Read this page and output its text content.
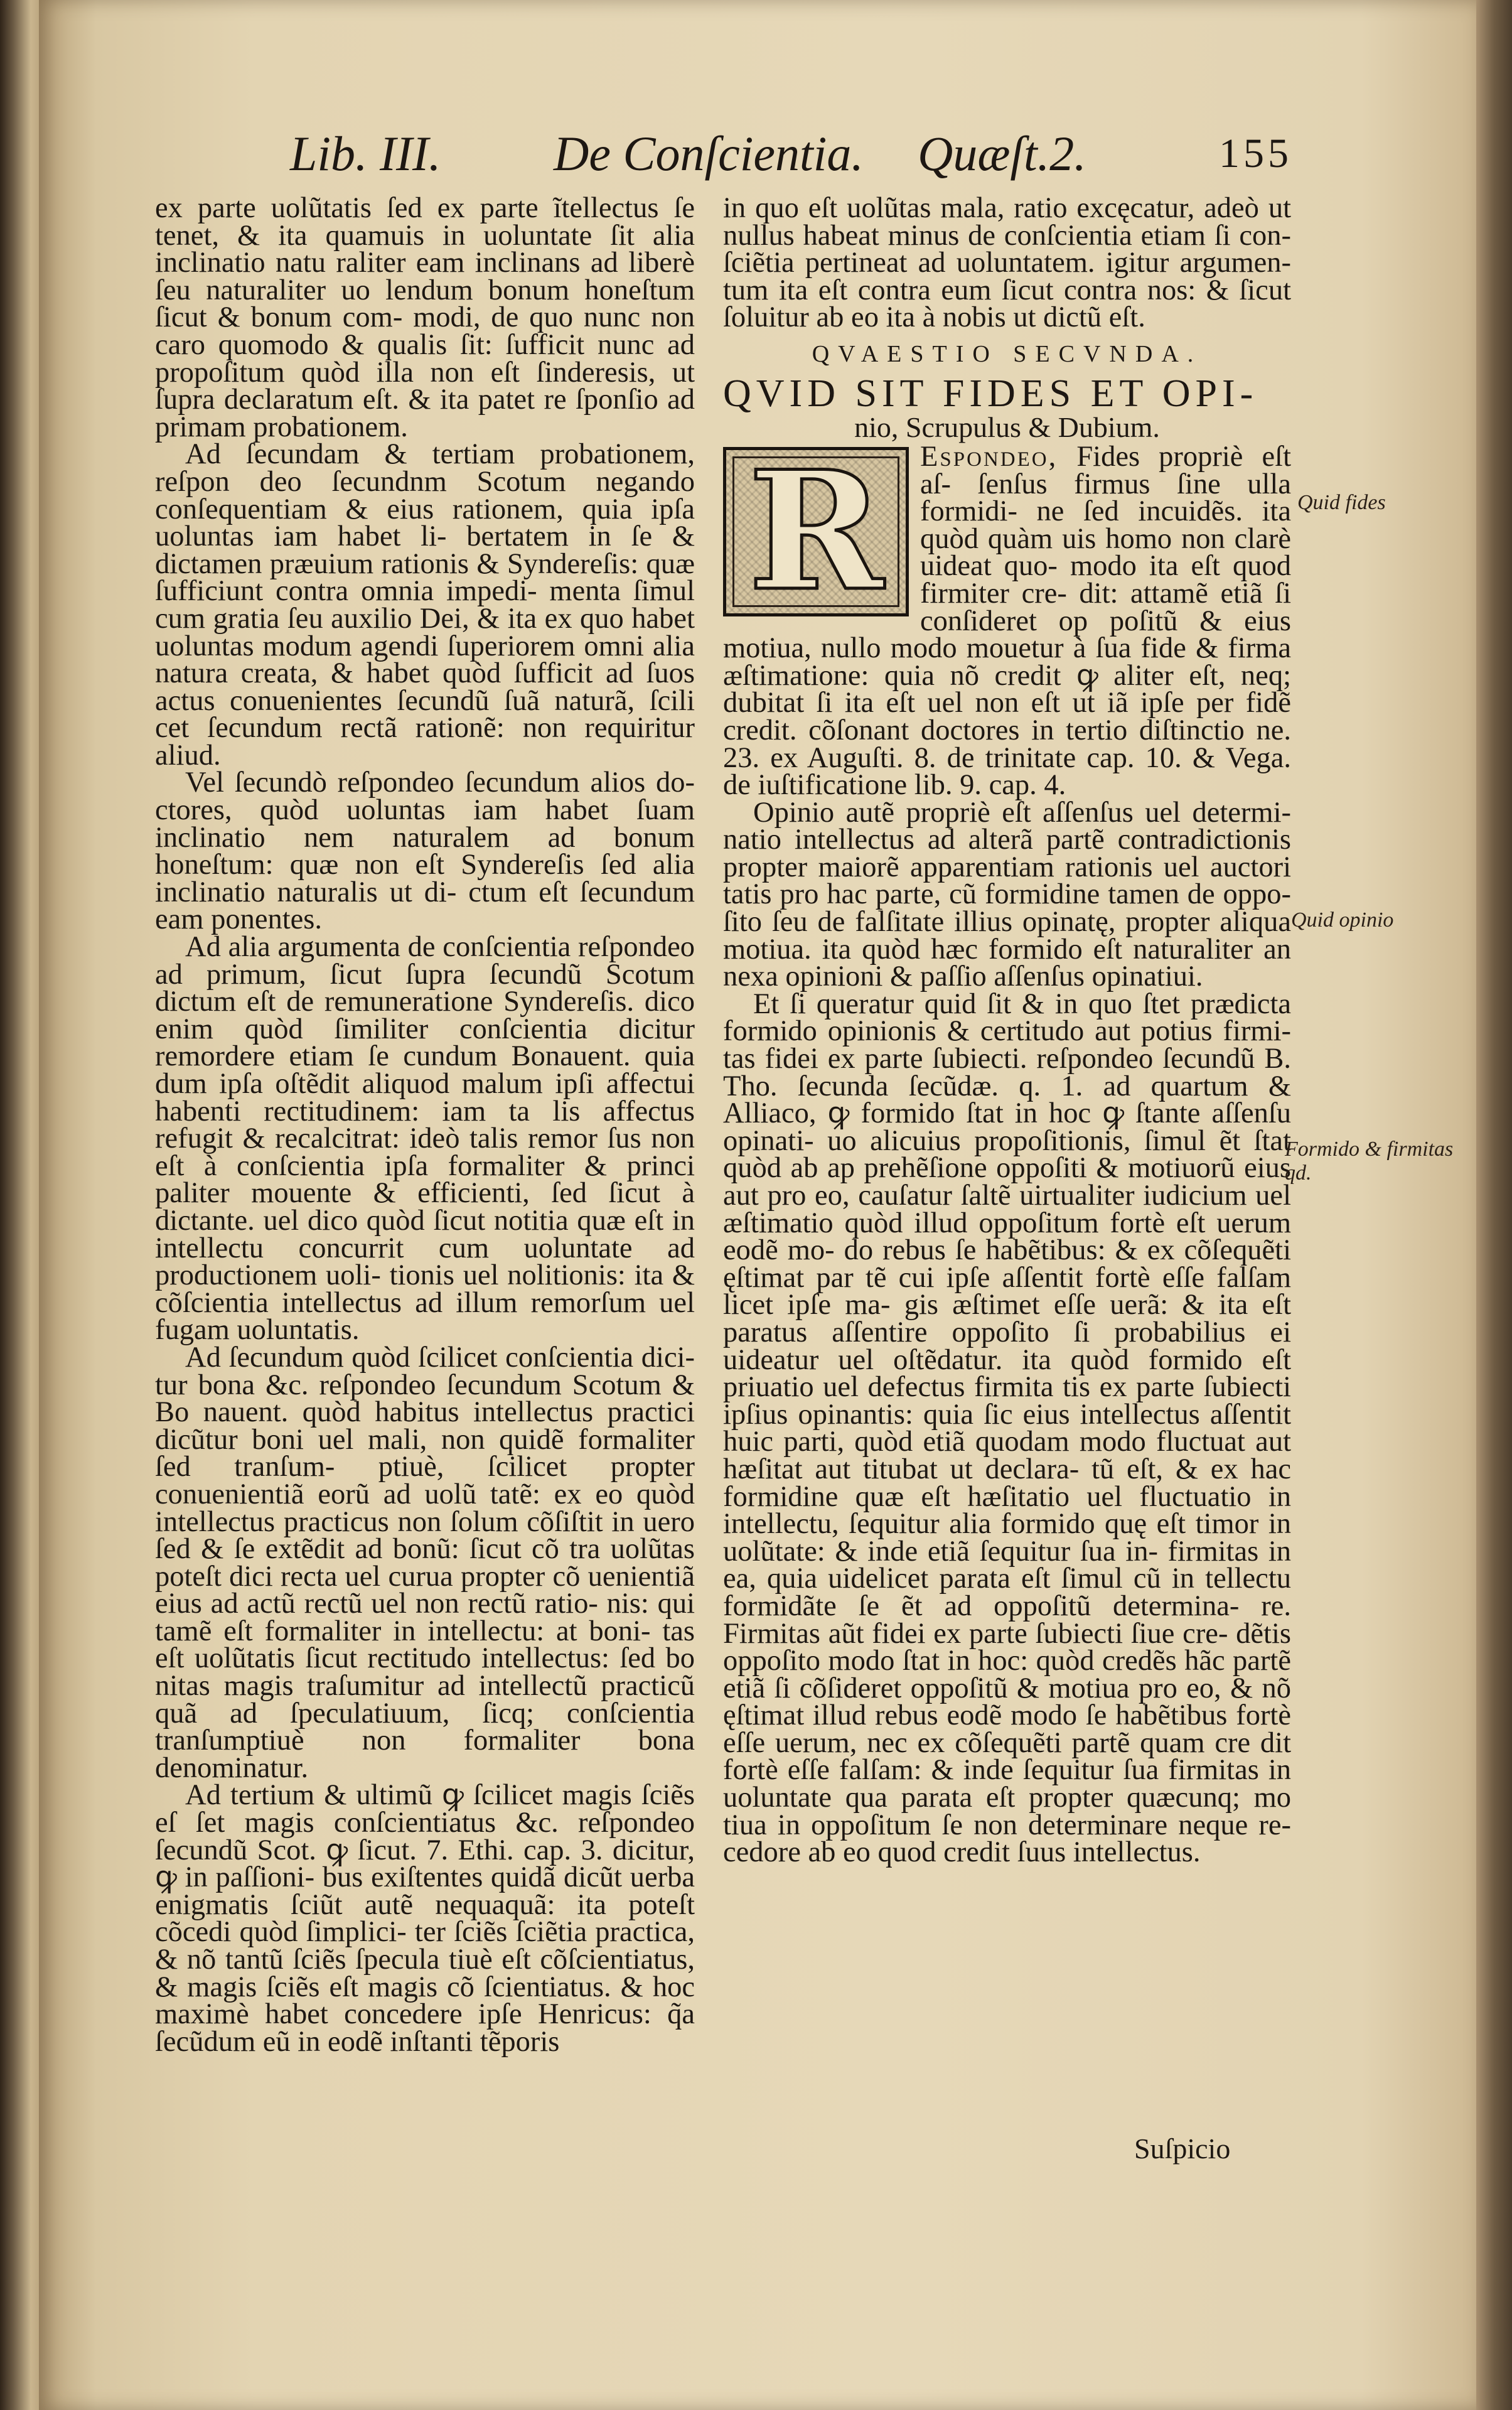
Lib. III. De Conſcientia. Quæſt.2.	155

ex parte uolũtatis ſed ex parte ĩtellectus ſe tenet, & ita quamuis in uoluntate ſit alia inclinatio natu raliter eam inclinans ad liberè ſeu naturaliter uo lendum bonum honeſtum ſicut & bonum com- modi, de quo nunc non caro quomodo & qualis ſit: ſufficit nunc ad propoſitum quòd illa non eſt ſinderesis, ut ſupra declaratum eſt. & ita patet re ſponſio ad primam probationem.

Ad ſecundam & tertiam probationem, reſpon deo ſecundnm Scotum negando conſequentiam & eius rationem, quia ipſa uoluntas iam habet li- bertatem in ſe & dictamen præuium rationis & Syndereſis: quæ ſufficiunt contra omnia impedi- menta ſimul cum gratia ſeu auxilio Dei, & ita ex quo habet uoluntas modum agendi ſuperiorem omni alia natura creata, & habet quòd ſufficit ad ſuos actus conuenientes ſecundũ ſuã naturã, ſcili cet ſecundum rectã rationẽ: non requiritur aliud.

Vel ſecundò reſpondeo ſecundum alios do- ctores, quòd uoluntas iam habet ſuam inclinatio nem naturalem ad bonum honeſtum: quæ non eſt Syndereſis ſed alia inclinatio naturalis ut di- ctum eſt ſecundum eam ponentes.

Ad alia argumenta de conſcientia reſpondeo ad primum, ſicut ſupra ſecundũ Scotum dictum eſt de remuneratione Syndereſis. dico enim quòd ſimiliter conſcientia dicitur remordere etiam ſe cundum Bonauent. quia dum ipſa oſtẽdit aliquod malum ipſi affectui habenti rectitudinem: iam ta lis affectus refugit & recalcitrat: ideò talis remor ſus non eſt à conſcientia ipſa formaliter & princi paliter mouente & efficienti, ſed ſicut à dictante. uel dico quòd ſicut notitia quæ eſt in intellectu concurrit cum uoluntate ad productionem uoli- tionis uel nolitionis: ita & cõſcientia intellectus ad illum remorſum uel fugam uoluntatis.

Ad ſecundum quòd ſcilicet conſcientia dici- tur bona &c. reſpondeo ſecundum Scotum & Bo nauent. quòd habitus intellectus practici dicũtur boni uel mali, non quidẽ formaliter ſed tranſum- ptiuè, ſcilicet propter conuenientiã eorũ ad uolũ tatẽ: ex eo quòd intellectus practicus non ſolum cõſiſtit in uero ſed & ſe extẽdit ad bonũ: ſicut cõ tra uolũtas poteſt dici recta uel curua propter cõ uenientiã eius ad actũ rectũ uel non rectũ ratio- nis: qui tamẽ eſt formaliter in intellectu: at boni- tas eſt uolũtatis ſicut rectitudo intellectus: ſed bo nitas magis traſumitur ad intellectũ practicũ quã ad ſpeculatiuum, ſicq; conſcientia tranſumptiuè non formaliter bona denominatur.

Ad tertium & ultimũ ꝙ ſcilicet magis ſciẽs eſ ſet magis conſcientiatus &c. reſpondeo ſecundũ Scot. ꝙ ſicut. 7. Ethi. cap. 3. dicitur, ꝙ in paſſioni- bus exiſtentes quidã dicũt uerba enigmatis ſciũt autẽ nequaquã: ita poteſt cõcedi quòd ſimplici- ter ſciẽs ſciẽtia practica, & nõ tantũ ſciẽs ſpecula tiuè eſt cõſcientiatus, & magis ſciẽs eſt magis cõ ſcientiatus. & hoc maximè habet concedere ipſe Henricus: q̃a ſecũdum eũ in eodẽ inſtanti tẽporis

in quo eſt uolũtas mala, ratio excęcatur, adeò ut nullus habeat minus de conſcientia etiam ſi con- ſciẽtia pertineat ad uoluntatem. igitur argumen- tum ita eſt contra eum ſicut contra nos: & ſicut ſoluitur ab eo ita à nobis ut dictũ eſt.

QVAESTIO SECVNDA.
QVID SIT FIDES ET OPI-
nio, Scrupulus & Dubium.
R	Espondeo, Fides propriè eſt aſ- ſenſus firmus ſine ulla formidi- ne ſed incuidẽs. ita quòd quàm uis homo non clarè uideat quo- modo ita eſt quod firmiter cre- dit: attamẽ etiã ſi conſideret op poſitũ & eius motiua, nullo modo mouetur à ſua fide & firma æſtimatione: quia nõ credit ꝙ aliter eſt, neq; dubitat ſi ita eſt uel non eſt ut iã ipſe per fidẽ credit. cõſonant doctores in tertio diſtinctio ne. 23. ex Auguſti. 8. de trinitate cap. 10. & Vega. de iuſtificatione lib. 9. cap. 4.

Opinio autẽ propriè eſt aſſenſus uel determi- natio intellectus ad alterã partẽ contradictionis propter maiorẽ apparentiam rationis uel auctori tatis pro hac parte, cũ formidine tamen de oppo- ſito ſeu de falſitate illius opinatę, propter aliqua motiua. ita quòd hæc formido eſt naturaliter an nexa opinioni & paſſio aſſenſus opinatiui.

Et ſi queratur quid ſit & in quo ſtet prædicta formido opinionis & certitudo aut potius firmi- tas fidei ex parte ſubiecti. reſpondeo ſecundũ B. Tho. ſecunda ſecũdæ. q. 1. ad quartum & Alliaco, ꝙ formido ſtat in hoc ꝙ ſtante aſſenſu opinati- uo alicuius propoſitionis, ſimul ẽt ſtat quòd ab ap prehẽſione oppoſiti & motiuorũ eius aut pro eo, cauſatur ſaltẽ uirtualiter iudicium uel æſtimatio quòd illud oppoſitum fortè eſt uerum eodẽ mo- do rebus ſe habẽtibus: & ex cõſequẽti ęſtimat par tẽ cui ipſe aſſentit fortè eſſe falſam licet ipſe ma- gis æſtimet eſſe uerã: & ita eſt paratus aſſentire oppoſito ſi probabilius ei uideatur uel oſtẽdatur. ita quòd formido eſt priuatio uel defectus firmita tis ex parte ſubiecti ipſius opinantis: quia ſic eius intellectus aſſentit huic parti, quòd etiã quodam modo fluctuat aut hæſitat aut titubat ut declara- tũ eſt, & ex hac formidine quæ eſt hæſitatio uel fluctuatio in intellectu, ſequitur alia formido quę eſt timor in uolũtate: & inde etiã ſequitur ſua in- firmitas in ea, quia uidelicet parata eſt ſimul cũ in tellectu formidãte ſe ẽt ad oppoſitũ determina- re. Firmitas aũt fidei ex parte ſubiecti ſiue cre- dẽtis oppoſito modo ſtat in hoc: quòd credẽs hãc partẽ etiã ſi cõſideret oppoſitũ & motiua pro eo, & nõ ęſtimat illud rebus eodẽ modo ſe habẽtibus fortè eſſe uerum, nec ex cõſequẽti partẽ quam cre dit fortè eſſe falſam: & inde ſequitur ſua firmitas in uoluntate qua parata eſt propter quæcunq; mo tiua in oppoſitum ſe non determinare neque re- cedore ab eo quod credit ſuus intellectus.

Suſpicio
Quid fides
Quid opinio
Formido & firmitas qd.
